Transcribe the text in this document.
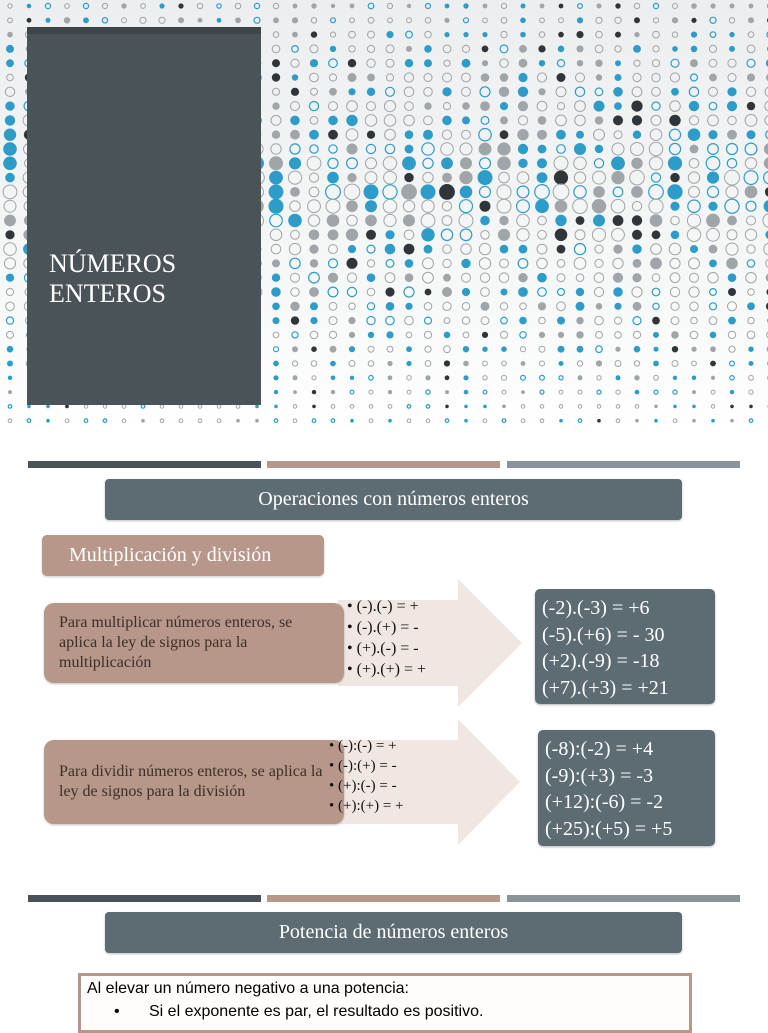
NÚMEROS
ENTEROS
Operaciones con números enteros
Multiplicación y división
Para multiplicar números enteros, se aplica la ley de signos para la multiplicación
• (-).(-) = +
• (-).(+) = -
• (+).(-) = -
• (+).(+) = +
(-2).(-3) = +6
(-5).(+6) = - 30
(+2).(-9) = -18
(+7).(+3) = +21
Para dividir números enteros, se aplica la ley de signos para la división
• (-):(-) = +
• (-):(+) = -
• (+):(-) = -
• (+):(+) = +
(-8):(-2) = +4
(-9):(+3) = -3
(+12):(-6) = -2
(+25):(+5) = +5
Potencia de números enteros
Al elevar un número negativo a una potencia:
• Si el exponente es par, el resultado es positivo.
